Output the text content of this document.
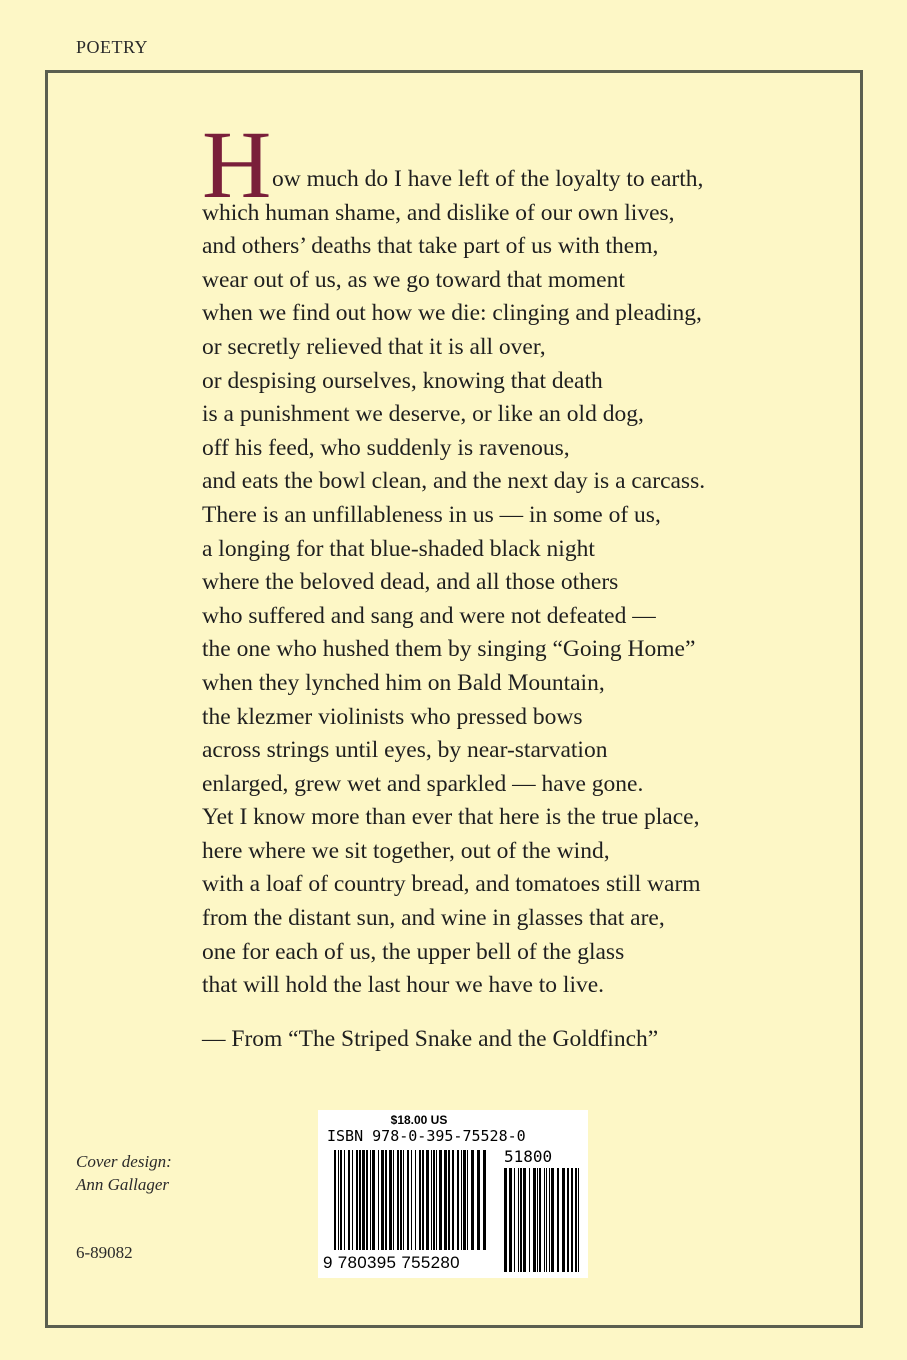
POETRY
H ow much do I have left of the loyalty to earth,
which human shame, and dislike of our own lives,
and others’ deaths that take part of us with them,
wear out of us, as we go toward that moment
when we find out how we die: clinging and pleading,
or secretly relieved that it is all over,
or despising ourselves, knowing that death
is a punishment we deserve, or like an old dog,
off his feed, who suddenly is ravenous,
and eats the bowl clean, and the next day is a carcass.
There is an unfillableness in us — in some of us,
a longing for that blue-shaded black night
where the beloved dead, and all those others
who suffered and sang and were not defeated —
the one who hushed them by singing “Going Home”
when they lynched him on Bald Mountain,
the klezmer violinists who pressed bows
across strings until eyes, by near-starvation
enlarged, grew wet and sparkled — have gone.
Yet I know more than ever that here is the true place,
here where we sit together, out of the wind,
with a loaf of country bread, and tomatoes still warm
from the distant sun, and wine in glasses that are,
one for each of us, the upper bell of the glass
that will hold the last hour we have to live.
— From “The Striped Snake and the Goldfinch”
Cover design:
Ann Gallager
6-89082
$18.00 US
ISBN 978-0-395-75528-0
51800
9 780395 755280
